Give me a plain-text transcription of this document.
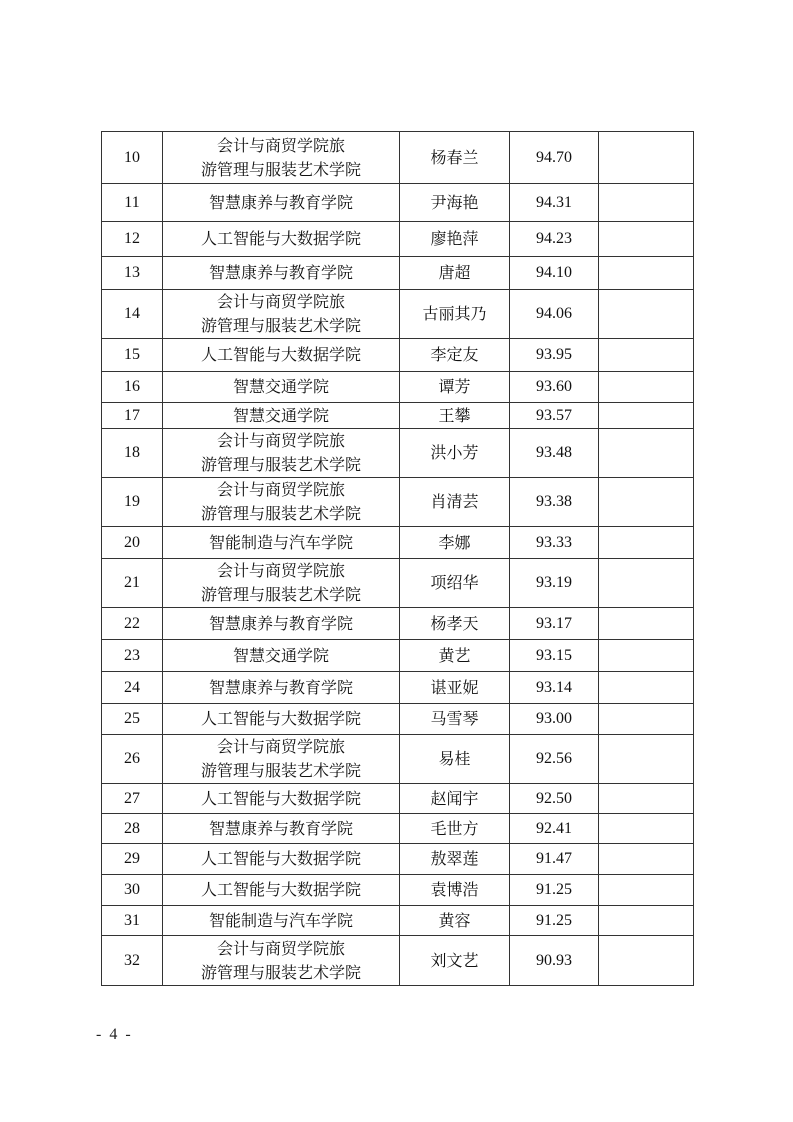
10	会计与商贸学院旅
游管理与服装艺术学院	杨春兰	94.70	
11	智慧康养与教育学院	尹海艳	94.31	
12	人工智能与大数据学院	廖艳萍	94.23	
13	智慧康养与教育学院	唐超	94.10	
14	会计与商贸学院旅
游管理与服装艺术学院	古丽其乃	94.06	
15	人工智能与大数据学院	李定友	93.95	
16	智慧交通学院	谭芳	93.60	
17	智慧交通学院	王攀	93.57	
18	会计与商贸学院旅
游管理与服装艺术学院	洪小芳	93.48	
19	会计与商贸学院旅
游管理与服装艺术学院	肖清芸	93.38	
20	智能制造与汽车学院	李娜	93.33	
21	会计与商贸学院旅
游管理与服装艺术学院	项绍华	93.19	
22	智慧康养与教育学院	杨孝天	93.17	
23	智慧交通学院	黄艺	93.15	
24	智慧康养与教育学院	谌亚妮	93.14	
25	人工智能与大数据学院	马雪琴	93.00	
26	会计与商贸学院旅
游管理与服装艺术学院	易桂	92.56	
27	人工智能与大数据学院	赵闻宇	92.50	
28	智慧康养与教育学院	毛世方	92.41	
29	人工智能与大数据学院	敖翠莲	91.47	
30	人工智能与大数据学院	袁博浩	91.25	
31	智能制造与汽车学院	黄容	91.25	
32	会计与商贸学院旅
游管理与服装艺术学院	刘文艺	90.93	
- 4 -
